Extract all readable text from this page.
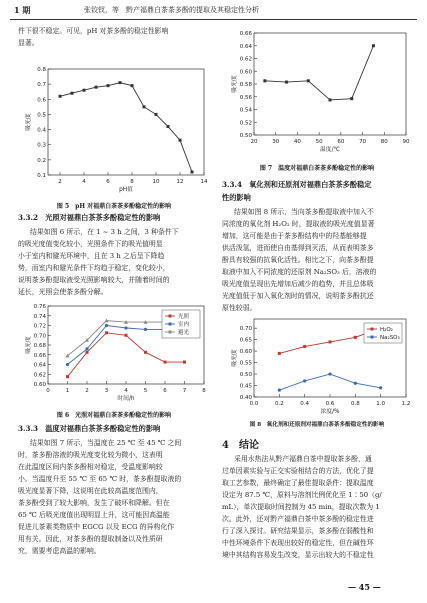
1 期	张铰钗，等　黔产福鼎白茶茶多酚的提取及其稳定性分析
件下很不稳定。可见，pH 对茶多酚的稳定性影响
显著。
2	4	6	8	10	12	14
0.1
0.2
0.3
0.4
0.5
0.6
0.7
0.8
pH值
吸光度
图 5　pH 对福鼎白茶茶多酚稳定性的影响
3.3.2　光照对福鼎白茶茶多酚稳定性的影响
结果如图 6 所示，在 1 ~ 3 h 之间，3 种条件下
的吸光度值变化较小，光照条件下的吸光值明显
小于室内和避光环境中，且在 3 h 之后呈下降趋
势，而室内和避光条件下均趋于稳定，变化较小，
说明茶多酚提取液受光照影响较大，并随着时间的
延长，光照会使茶多酚分解。
0	1	2	3	4	5	6	7	8
0.60
0.62
0.64
0.66
0.68
0.70
0.72
0.74
0.76
时间/h
吸光度
光照
室内
避光
图 6　光照对福鼎白茶茶多酚稳定性的影响
3.3.3　温度对福鼎白茶茶多酚稳定性的影响
结果如图 7 所示，当温度在 25 ℃ 至 45 ℃ 之间
时，茶多酚溶液的吸光度变化较为微小，这表明
在此温度区间内茶多酚相对稳定，受温度影响较
小。当温度升至 55 ℃ 至 65 ℃ 时，茶多酚提取液的
吸光度显著下降，这说明在此较高温度范围内，
茶多酚受到了较大影响，发生了破坏和降解。但在
65 ℃ 后吸光度值出现明显上升，这可能因高温能
促进儿茶素类物质中 EGCG 以及 ECG 的异构化作
用有关。因此，对茶多酚的提取制备以及性质研
究，需要考虑高温的影响。
20	30	40	50	60	70	80	90
0.50
0.52
0.54
0.56
0.58
0.60
0.62
0.64
0.66
温度/℃
吸光度
图 7　温度对福鼎白茶茶多酚稳定性的影响
3.3.4　氧化剂和还原剂对福鼎白茶茶多酚稳定
性的影响
结果如图 8 所示，当向茶多酚提取液中加入不
同浓度的氧化剂 H₂O₂ 时，提取液的吸光度值显著
增加，这可能是由于茶多酚结构中的羟基能够提
供活泼氢，进而使自由基得到灭活，从而表明茶多
酚具有较强的抗氧化活性。相比之下，向茶多酚提
取液中加入不同浓度的还原剂 Na₂SO₃ 后，溶液的
吸光度值呈现出先增加后减少的趋势，并且总体吸
光度值低于加入氧化剂时的情况，说明茶多酚抗还
原性较弱。
0.0	0.2	0.4	0.6	0.8	1.0	1.2
0.40
0.45
0.50
0.55
0.60
0.65
0.70
浓度/%
吸光度
H₂O₂
Na₂SO₃
图 8　氧化剂和还原剂对福鼎白茶茶多酚稳定性的影响
4　结论
采用水热法从黔产福鼎白茶中提取茶多酚，通
过单因素实验与正交实验相结合的方法，优化了提
取工艺参数，最终确定了最佳提取条件：提取温度
设定为 87.5 ℃，原料与溶剂比例优化至 1∶50（g/
mL），单次提取时间控制为 45 min，提取次数为 1
次。此外，还对黔产福鼎白茶中茶多酚的稳定性进
行了深入探讨。研究结果显示，茶多酚在弱酸性和
中性环境条件下表现出较好的稳定性，但在碱性环
境中其结构容易发生改变，显示出较大的不稳定性
— 45 —
